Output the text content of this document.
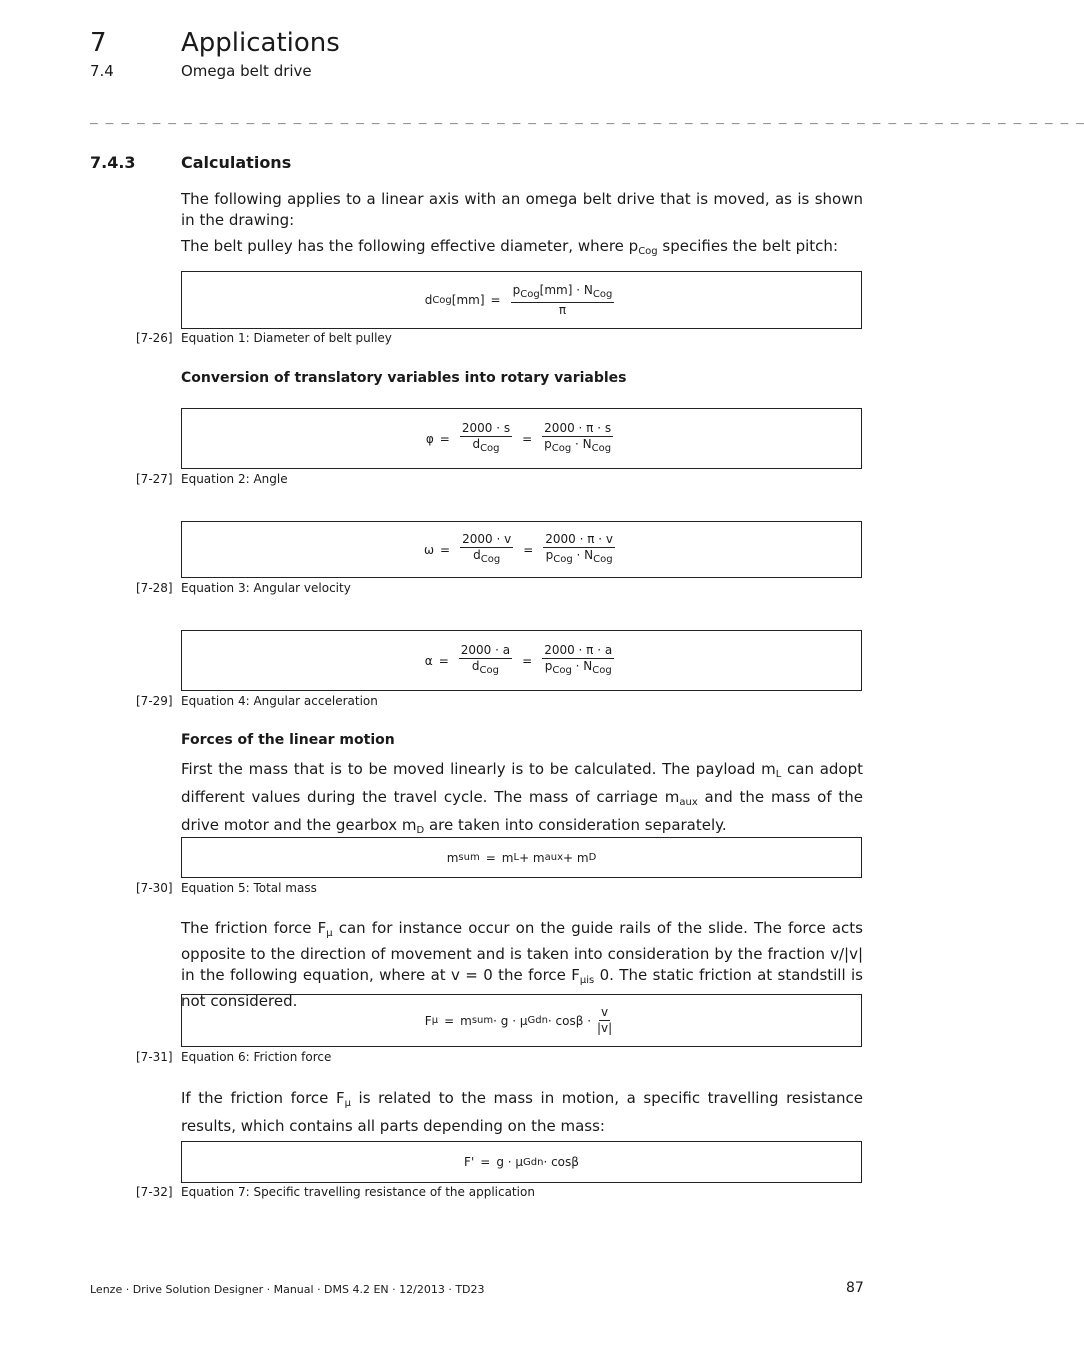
7	Applications
7.4	Omega belt drive
_ _ _ _ _ _ _ _ _ _ _ _ _ _ _ _ _ _ _ _ _ _ _ _ _ _ _ _ _ _ _ _ _ _ _ _ _ _ _ _ _ _ _ _ _ _ _ _ _ _ _ _ _ _ _ _ _ _ _ _ _ _ _ _
7.4.3	Calculations
The following applies to a linear axis with an omega belt drive that is moved, as is shown in the drawing:
The belt pulley has the following effective diameter, where $p_{Cog}$ specifies the belt pitch:
d Cog $[mm] = \frac{p_{Cog}[mm] \cdot N_{Cog}}{\pi}$
[7-26] Equation 1: Diameter of belt pulley
Conversion of translatory variables into rotary variables
$\varphi = \frac{2000 \cdot s}{d_{Cog}} = \frac{2000 \cdot \pi \cdot s}{p_{Cog} \cdot N_{Cog}}$
[7-27] Equation 2: Angle
$\omega = \frac{2000 \cdot v}{d_{Cog}} = \frac{2000 \cdot \pi \cdot v}{p_{Cog} \cdot N_{Cog}}$
[7-28] Equation 3: Angular velocity
$\alpha = \frac{2000 \cdot a}{d_{Cog}} = \frac{2000 \cdot \pi \cdot a}{p_{Cog} \cdot N_{Cog}}$
[7-29] Equation 4: Angular acceleration
Forces of the linear motion
First the mass that is to be moved linearly is to be calculated. The payload $m_L$ can adopt different values during the travel cycle. The mass of carriage $m_{aux}$ and the mass of the drive motor and the gearbox $m_D$ are taken into consideration separately.
m sum = m L + m aux + m D
[7-30] Equation 5: Total mass
The friction force $F_\mu$ can for instance occur on the guide rails of the slide. The force acts opposite to the direction of movement and is taken into consideration by the fraction v/|v| in the following equation, where at v = 0 the force $F_{\mu is}$ 0. The static friction at standstill is not considered.
F μ = m sum · g · μ Gdn · $\cos\beta \cdot \frac{v}{|v|}$
[7-31] Equation 6: Friction force
If the friction force $F_\mu$ is related to the mass in motion, a specific travelling resistance results, which contains all parts depending on the mass:
F' = g · μ Gdn · cosβ
[7-32] Equation 7: Specific travelling resistance of the application
Lenze · Drive Solution Designer · Manual · DMS 4.2 EN · 12/2013 · TD23	87
